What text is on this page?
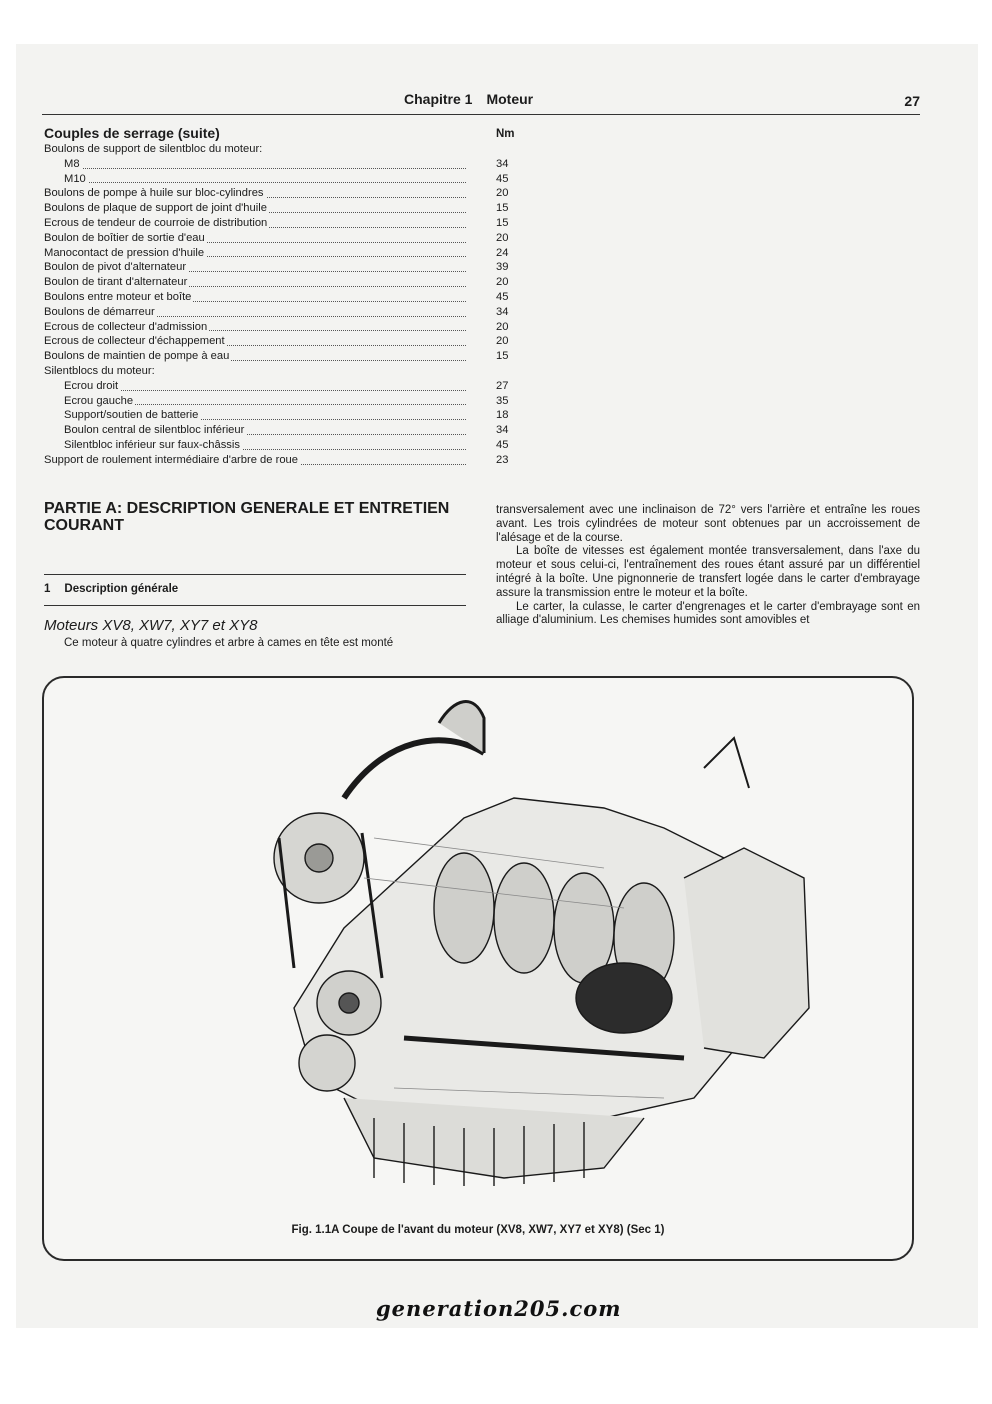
Chapitre 1 Moteur	27
Couples de serrage (suite)	Nm
Boulons de support de silentbloc du moteur:
M8	34
M10	45
Boulons de pompe à huile sur bloc-cylindres	20
Boulons de plaque de support de joint d'huile	15
Ecrous de tendeur de courroie de distribution	15
Boulon de boîtier de sortie d'eau	20
Manocontact de pression d'huile	24
Boulon de pivot d'alternateur	39
Boulon de tirant d'alternateur	20
Boulons entre moteur et boîte	45
Boulons de démarreur	34
Ecrous de collecteur d'admission	20
Ecrous de collecteur d'échappement	20
Boulons de maintien de pompe à eau	15
Silentblocs du moteur:
Ecrou droit	27
Ecrou gauche	35
Support/soutien de batterie	18
Boulon central de silentbloc inférieur	34
Silentbloc inférieur sur faux-châssis	45
Support de roulement intermédiaire d'arbre de roue	23
PARTIE A: DESCRIPTION GENERALE ET ENTRETIEN COURANT
1 Description générale
Moteurs XV8, XW7, XY7 et XY8
Ce moteur à quatre cylindres et arbre à cames en tête est monté

transversalement avec une inclinaison de 72° vers l'arrière et entraîne les roues avant. Les trois cylindrées de moteur sont obtenues par un accroissement de l'alésage et de la course.

La boîte de vitesses est également montée transversalement, dans l'axe du moteur et sous celui-ci, l'entraînement des roues étant assuré par un différentiel intégré à la boîte. Une pignonnerie de transfert logée dans le carter d'embrayage assure la transmission entre le moteur et la boîte.

Le carter, la culasse, le carter d'engrenages et le carter d'embrayage sont en alliage d'aluminium. Les chemises humides sont amovibles et

Fig. 1.1A Coupe de l'avant du moteur (XV8, XW7, XY7 et XY8) (Sec 1)
generation205.com
